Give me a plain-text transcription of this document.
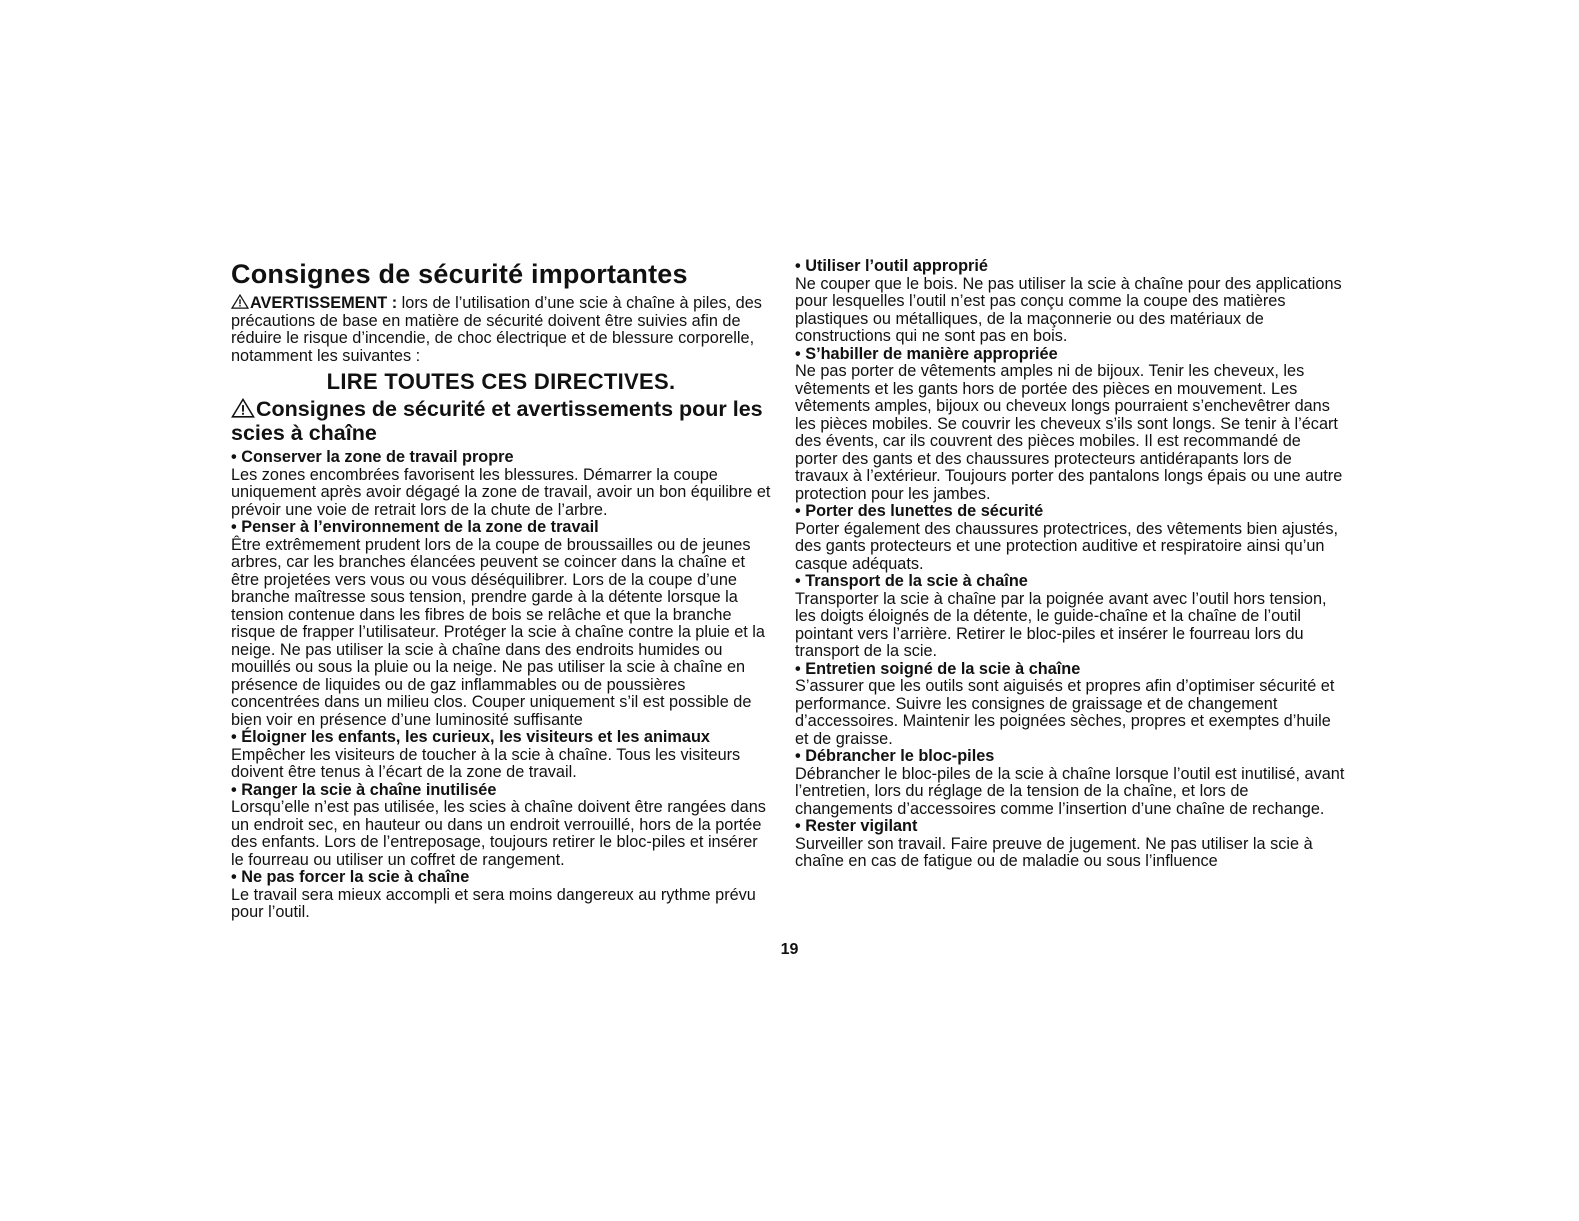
Consignes de sécurité importantes

AVERTISSEMENT : lors de l’utilisation d’une scie à chaîne à piles, des précautions de base en matière de sécurité doivent être suivies afin de réduire le risque d’incendie, de choc électrique et de blessure corporelle, notamment les suivantes :

LIRE TOUTES CES DIRECTIVES.
Consignes de sécurité et avertissements pour les scies à chaîne
• Conserver la zone de travail propre

Les zones encombrées favorisent les blessures. Démarrer la coupe uniquement après avoir dégagé la zone de travail, avoir un bon équilibre et prévoir une voie de retrait lors de la chute de l’arbre.

• Penser à l’environnement de la zone de travail

Être extrêmement prudent lors de la coupe de broussailles ou de jeunes arbres, car les branches élancées peuvent se coincer dans la chaîne et être projetées vers vous ou vous déséquilibrer. Lors de la coupe d’une branche maîtresse sous tension, prendre garde à la détente lorsque la tension contenue dans les fibres de bois se relâche et que la branche risque de frapper l’utilisateur. Protéger la scie à chaîne contre la pluie et la neige. Ne pas utiliser la scie à chaîne dans des endroits humides ou mouillés ou sous la pluie ou la neige. Ne pas utiliser la scie à chaîne en présence de liquides ou de gaz inflammables ou de poussières concentrées dans un milieu clos. Couper uniquement s’il est possible de bien voir en présence d’une luminosité suffisante

• Éloigner les enfants, les curieux, les visiteurs et les animaux

Empêcher les visiteurs de toucher à la scie à chaîne. Tous les visiteurs doivent être tenus à l’écart de la zone de travail.

• Ranger la scie à chaîne inutilisée

Lorsqu’elle n’est pas utilisée, les scies à chaîne doivent être rangées dans un endroit sec, en hauteur ou dans un endroit verrouillé, hors de la portée des enfants. Lors de l’entreposage, toujours retirer le bloc-piles et insérer le fourreau ou utiliser un coffret de rangement.

• Ne pas forcer la scie à chaîne

Le travail sera mieux accompli et sera moins dangereux au rythme prévu pour l’outil.

• Utiliser l’outil approprié

Ne couper que le bois. Ne pas utiliser la scie à chaîne pour des applications pour lesquelles l’outil n’est pas conçu comme la coupe des matières plastiques ou métalliques, de la maçonnerie ou des matériaux de constructions qui ne sont pas en bois.

• S’habiller de manière appropriée

Ne pas porter de vêtements amples ni de bijoux. Tenir les cheveux, les vêtements et les gants hors de portée des pièces en mouvement. Les vêtements amples, bijoux ou cheveux longs pourraient s’enchevêtrer dans les pièces mobiles. Se couvrir les cheveux s’ils sont longs. Se tenir à l’écart des évents, car ils couvrent des pièces mobiles. Il est recommandé de porter des gants et des chaussures protecteurs antidérapants lors de travaux à l’extérieur. Toujours porter des pantalons longs épais ou une autre protection pour les jambes.

• Porter des lunettes de sécurité

Porter également des chaussures protectrices, des vêtements bien ajustés, des gants protecteurs et une protection auditive et respiratoire ainsi qu’un casque adéquats.

• Transport de la scie à chaîne

Transporter la scie à chaîne par la poignée avant avec l’outil hors tension, les doigts éloignés de la détente, le guide-chaîne et la chaîne de l’outil pointant vers l’arrière. Retirer le bloc-piles et insérer le fourreau lors du transport de la scie.

• Entretien soigné de la scie à chaîne

S’assurer que les outils sont aiguisés et propres afin d’optimiser sécurité et performance. Suivre les consignes de graissage et de changement d’accessoires. Maintenir les poignées sèches, propres et exemptes d’huile et de graisse.

• Débrancher le bloc-piles

Débrancher le bloc-piles de la scie à chaîne lorsque l’outil est inutilisé, avant l’entretien, lors du réglage de la tension de la chaîne, et lors de changements d’accessoires comme l’insertion d’une chaîne de rechange.

• Rester vigilant

Surveiller son travail. Faire preuve de jugement. Ne pas utiliser la scie à chaîne en cas de fatigue ou de maladie ou sous l’influence

19
